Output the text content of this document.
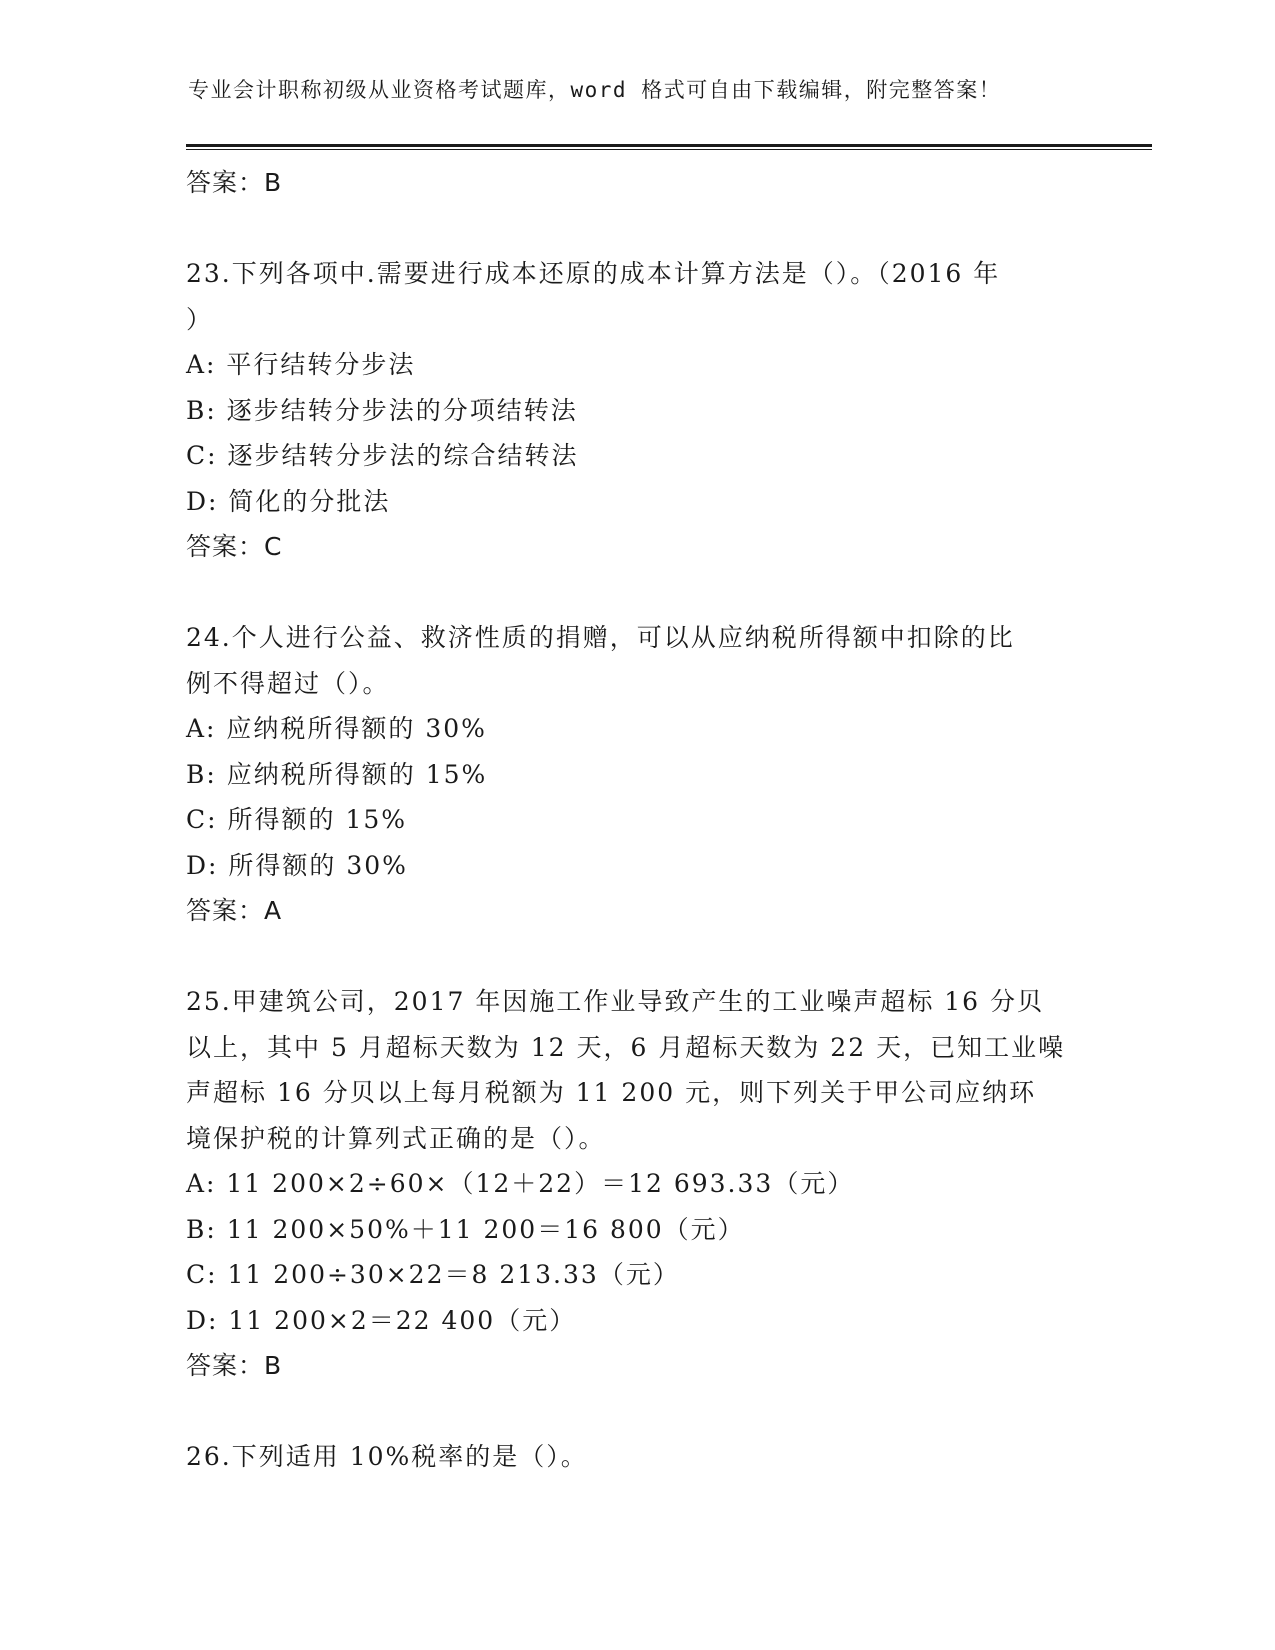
专业会计职称初级从业资格考试题库，word 格式可自由下载编辑，附完整答案！
答案：B
23.下列各项中.需要进行成本还原的成本计算方法是（）。（2016 年
）
A: 平行结转分步法
B: 逐步结转分步法的分项结转法
C: 逐步结转分步法的综合结转法
D: 简化的分批法
答案：C
24.个人进行公益、救济性质的捐赠，可以从应纳税所得额中扣除的比
例不得超过（）。
A: 应纳税所得额的 30%
B: 应纳税所得额的 15%
C: 所得额的 15%
D: 所得额的 30%
答案：A
25.甲建筑公司，2017 年因施工作业导致产生的工业噪声超标 16 分贝
以上，其中 5 月超标天数为 12 天，6 月超标天数为 22 天，已知工业噪
声超标 16 分贝以上每月税额为 11 200 元，则下列关于甲公司应纳环
境保护税的计算列式正确的是（）。
A: 11 200×2÷60×（12＋22）＝12 693.33（元）
B: 11 200×50%＋11 200＝16 800（元）
C: 11 200÷30×22＝8 213.33（元）
D: 11 200×2＝22 400（元）
答案：B
26.下列适用 10%税率的是（）。
